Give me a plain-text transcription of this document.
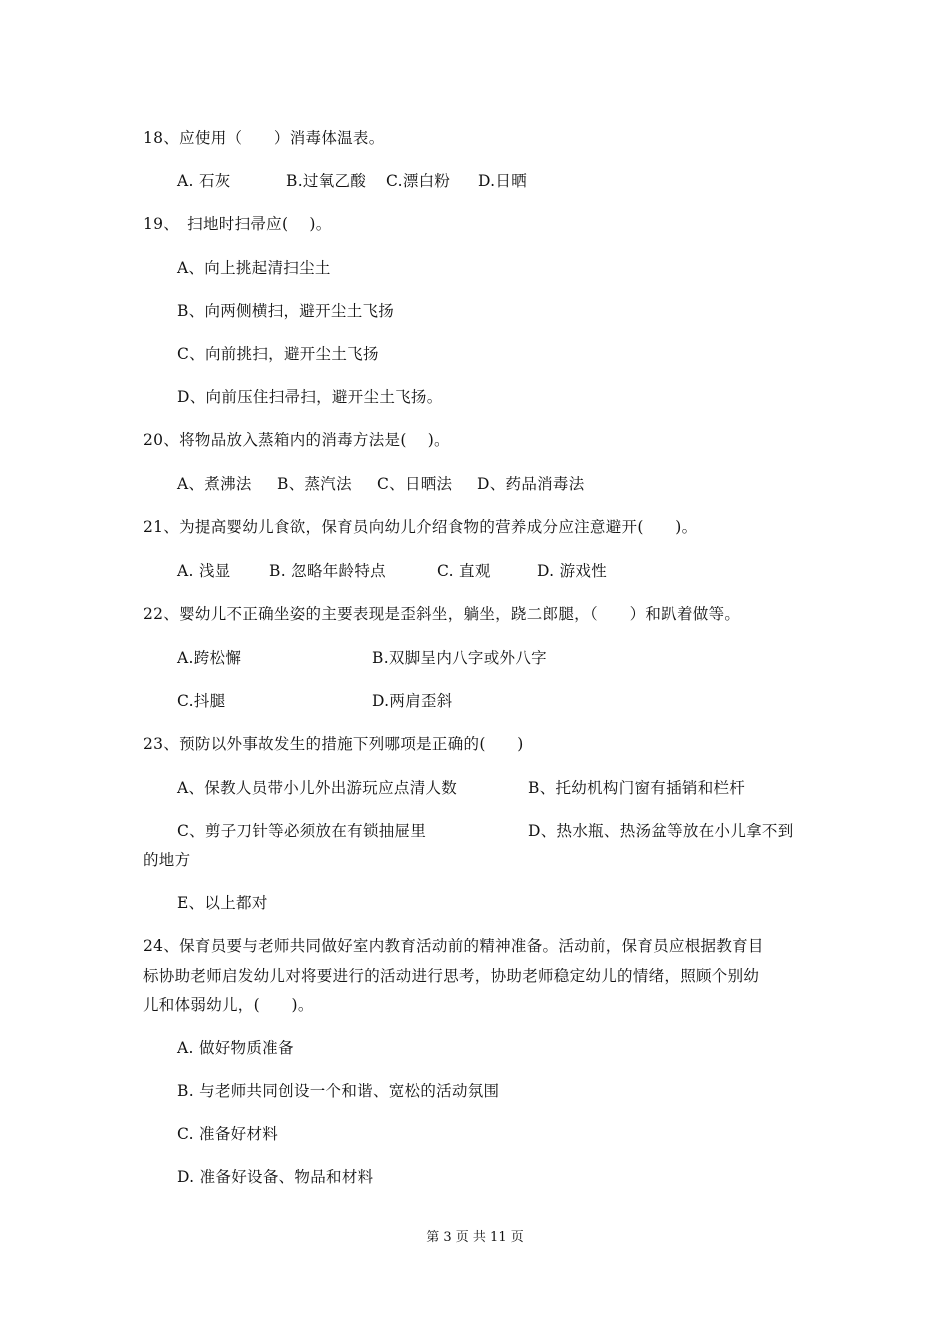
18、应使用（　　）消毒体温表。
A. 石灰	B.过氧乙酸 C.漂白粉 D.日晒
19、　扫地时扫帚应(　 )。
A、向上挑起清扫尘土
B、向两侧横扫，避开尘土飞扬
C、向前挑扫，避开尘土飞扬
D、向前压住扫帚扫，避开尘土飞扬。
20、将物品放入蒸箱内的消毒方法是(　 )。
A、煮沸法 B、蒸汽法 C、日晒法 D、药品消毒法
21、为提高婴幼儿食欲，保育员向幼儿介绍食物的营养成分应注意避开(　　)。
A. 浅显 B. 忽略年龄特点	C. 直观	D. 游戏性
22、婴幼儿不正确坐姿的主要表现是歪斜坐，躺坐，跷二郎腿，（　　）和趴着做等。
A.跨松懈	B.双脚呈内八字或外八字
C.抖腿	D.两肩歪斜
23、预防以外事故发生的措施下列哪项是正确的(　　)
A、保教人员带小儿外出游玩应点清人数	B、托幼机构门窗有插销和栏杆
C、剪子刀针等必须放在有锁抽屉里	D、热水瓶、热汤盆等放在小儿拿不到
的地方
E、以上都对
24、保育员要与老师共同做好室内教育活动前的精神准备。活动前，保育员应根据教育目
标协助老师启发幼儿对将要进行的活动进行思考，协助老师稳定幼儿的情绪，照顾个别幼
儿和体弱幼儿，(　　)。
A. 做好物质准备
B. 与老师共同创设一个和谐、宽松的活动氛围
C. 准备好材料
D. 准备好设备、物品和材料
第 3 页 共 11 页
